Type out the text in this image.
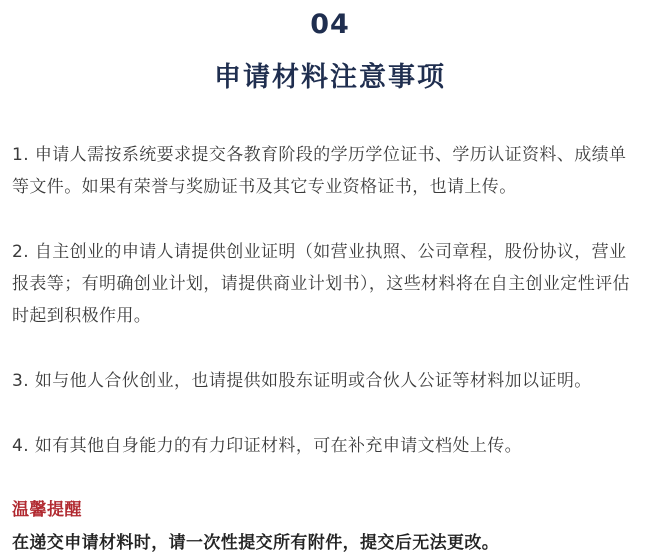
04
申请材料注意事项
1. 申请人需按系统要求提交各教育阶段的学历学位证书、学历认证资料、成绩单等文件。如果有荣誉与奖励证书及其它专业资格证书，也请上传。
2. 自主创业的申请人请提供创业证明（如营业执照、公司章程，股份协议，营业报表等；有明确创业计划，请提供商业计划书），这些材料将在自主创业定性评估时起到积极作用。
3. 如与他人合伙创业，也请提供如股东证明或合伙人公证等材料加以证明。
4. 如有其他自身能力的有力印证材料，可在补充申请文档处上传。
温馨提醒
在递交申请材料时，请一次性提交所有附件，提交后无法更改。
